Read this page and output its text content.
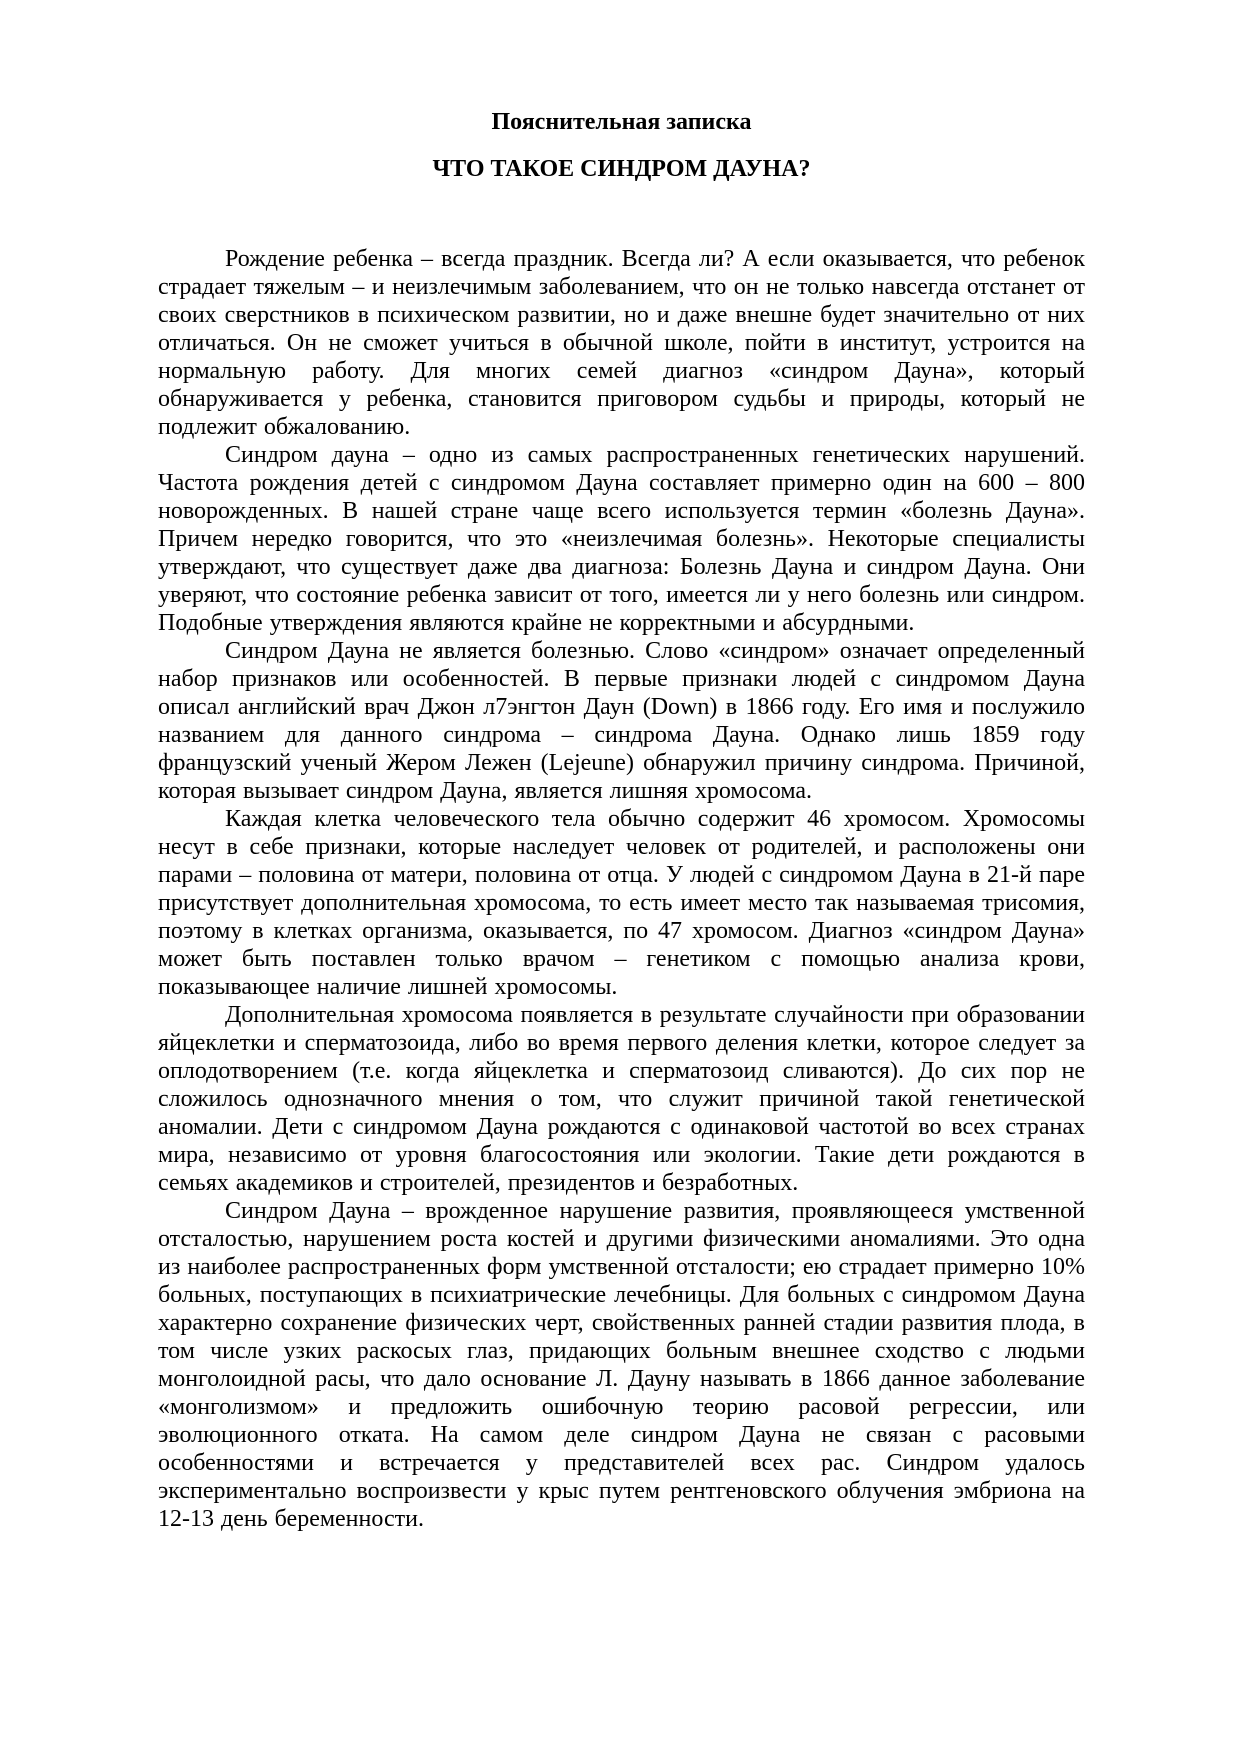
Пояснительная записка
ЧТО ТАКОЕ СИНДРОМ ДАУНА?

Рождение ребенка – всегда праздник. Всегда ли? А если оказывается, что ребенок страдает тяжелым – и неизлечимым заболеванием, что он не только навсегда отстанет от своих сверстников в психическом развитии, но и даже внешне будет значительно от них отличаться. Он не сможет учиться в обычной школе, пойти в институт, устроится на нормальную работу. Для многих семей диагноз «синдром Дауна», который обнаруживается у ребенка, становится приговором судьбы и природы, который не подлежит обжалованию.

Синдром дауна – одно из самых распространенных генетических нарушений. Частота рождения детей с синдромом Дауна составляет примерно один на 600 – 800 новорожденных. В нашей стране чаще всего используется термин «болезнь Дауна». Причем нередко говорится, что это «неизлечимая болезнь». Некоторые специалисты утверждают, что существует даже два диагноза: Болезнь Дауна и синдром Дауна. Они уверяют, что состояние ребенка зависит от того, имеется ли у него болезнь или синдром. Подобные утверждения являются крайне не корректными и абсурдными.

Синдром Дауна не является болезнью. Слово «синдром» означает определенный набор признаков или особенностей. В первые признаки людей с синдромом Дауна описал английский врач Джон л7энгтон Даун (Down) в 1866 году. Его имя и послужило названием для данного синдрома – синдрома Дауна. Однако лишь 1859 году французский ученый Жером Лежен (Lejeune) обнаружил причину синдрома. Причиной, которая вызывает синдром Дауна, является лишняя хромосома.

Каждая клетка человеческого тела обычно содержит 46 хромосом. Хромосомы несут в себе признаки, которые наследует человек от родителей, и расположены они парами – половина от матери, половина от отца. У людей с синдромом Дауна в 21-й паре присутствует дополнительная хромосома, то есть имеет место так называемая трисомия, поэтому в клетках организма, оказывается, по 47 хромосом. Диагноз «синдром Дауна» может быть поставлен только врачом – генетиком с помощью анализа крови, показывающее наличие лишней хромосомы.

Дополнительная хромосома появляется в результате случайности при образовании яйцеклетки и сперматозоида, либо во время первого деления клетки, которое следует за оплодотворением (т.е. когда яйцеклетка и сперматозоид сливаются). До сих пор не сложилось однозначного мнения о том, что служит причиной такой генетической аномалии. Дети с синдромом Дауна рождаются с одинаковой частотой во всех странах мира, независимо от уровня благосостояния или экологии. Такие дети рождаются в семьях академиков и строителей, президентов и безработных.

Синдром Дауна – врожденное нарушение развития, проявляющееся умственной отсталостью, нарушением роста костей и другими физическими аномалиями. Это одна из наиболее распространенных форм умственной отсталости; ею страдает примерно 10% больных, поступающих в психиатрические лечебницы. Для больных с синдромом Дауна характерно сохранение физических черт, свойственных ранней стадии развития плода, в том числе узких раскосых глаз, придающих больным внешнее сходство с людьми монголоидной расы, что дало основание Л. Дауну называть в 1866 данное заболевание «монголизмом» и предложить ошибочную теорию расовой регрессии, или эволюционного отката. На самом деле синдром Дауна не связан с расовыми особенностями и встречается у представителей всех рас. Синдром удалось экспериментально воспроизвести у крыс путем рентгеновского облучения эмбриона на 12-13 день беременности.
